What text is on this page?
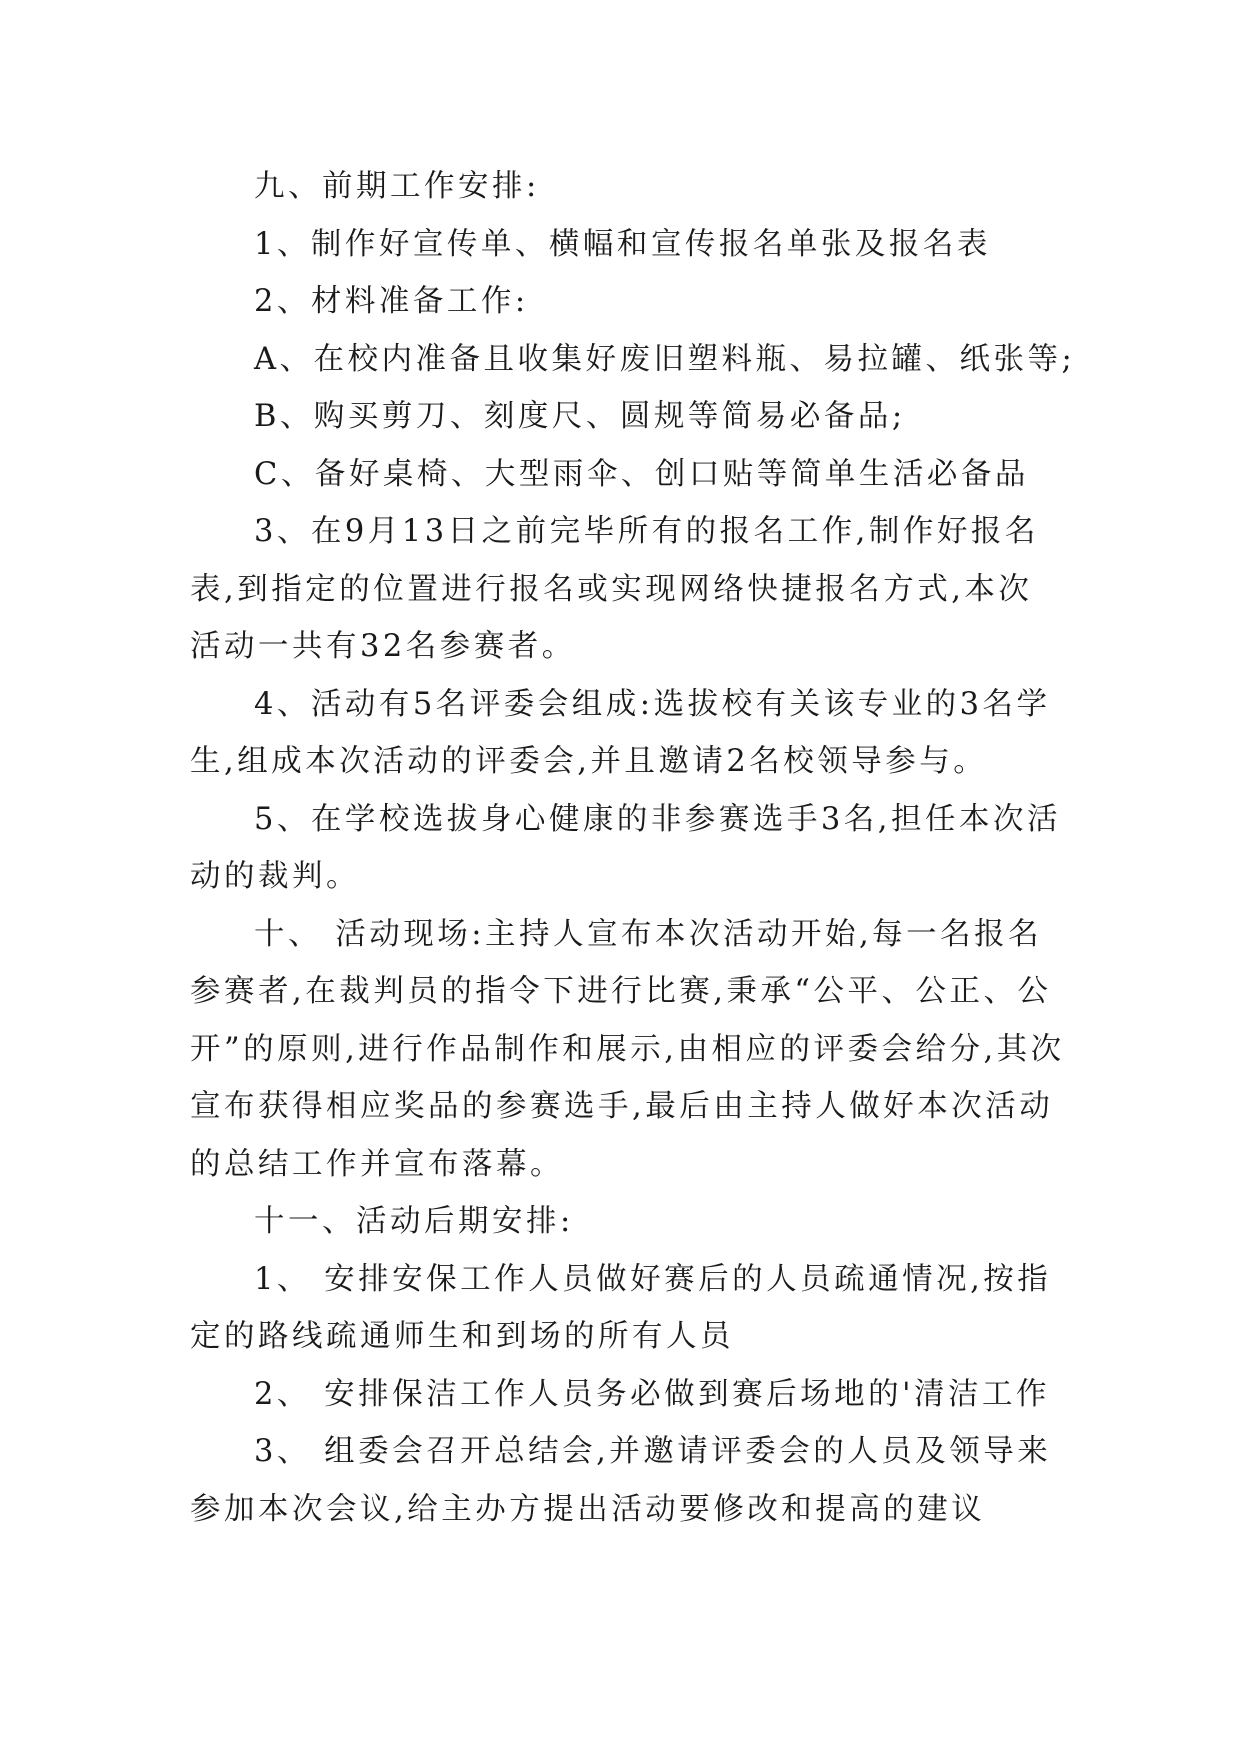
九、前期工作安排:

1、制作好宣传单、横幅和宣传报名单张及报名表

2、材料准备工作:

A、在校内准备且收集好废旧塑料瓶、易拉罐、纸张等;

B、购买剪刀、刻度尺、圆规等简易必备品;

C、备好桌椅、大型雨伞、创口贴等简单生活必备品

3、在9月13日之前完毕所有的报名工作,制作好报名表,到指定的位置进行报名或实现网络快捷报名方式,本次活动一共有32名参赛者。

4、活动有5名评委会组成:选拔校有关该专业的3名学生,组成本次活动的评委会,并且邀请2名校领导参与。

5、在学校选拔身心健康的非参赛选手3名,担任本次活动的裁判。

十、 活动现场:主持人宣布本次活动开始,每一名报名参赛者,在裁判员的指令下进行比赛,秉承“公平、公正、公开”的原则,进行作品制作和展示,由相应的评委会给分,其次宣布获得相应奖品的参赛选手,最后由主持人做好本次活动的总结工作并宣布落幕。

十一、活动后期安排:

1、 安排安保工作人员做好赛后的人员疏通情况,按指定的路线疏通师生和到场的所有人员

2、 安排保洁工作人员务必做到赛后场地的'清洁工作

3、 组委会召开总结会,并邀请评委会的人员及领导来参加本次会议,给主办方提出活动要修改和提高的建议
